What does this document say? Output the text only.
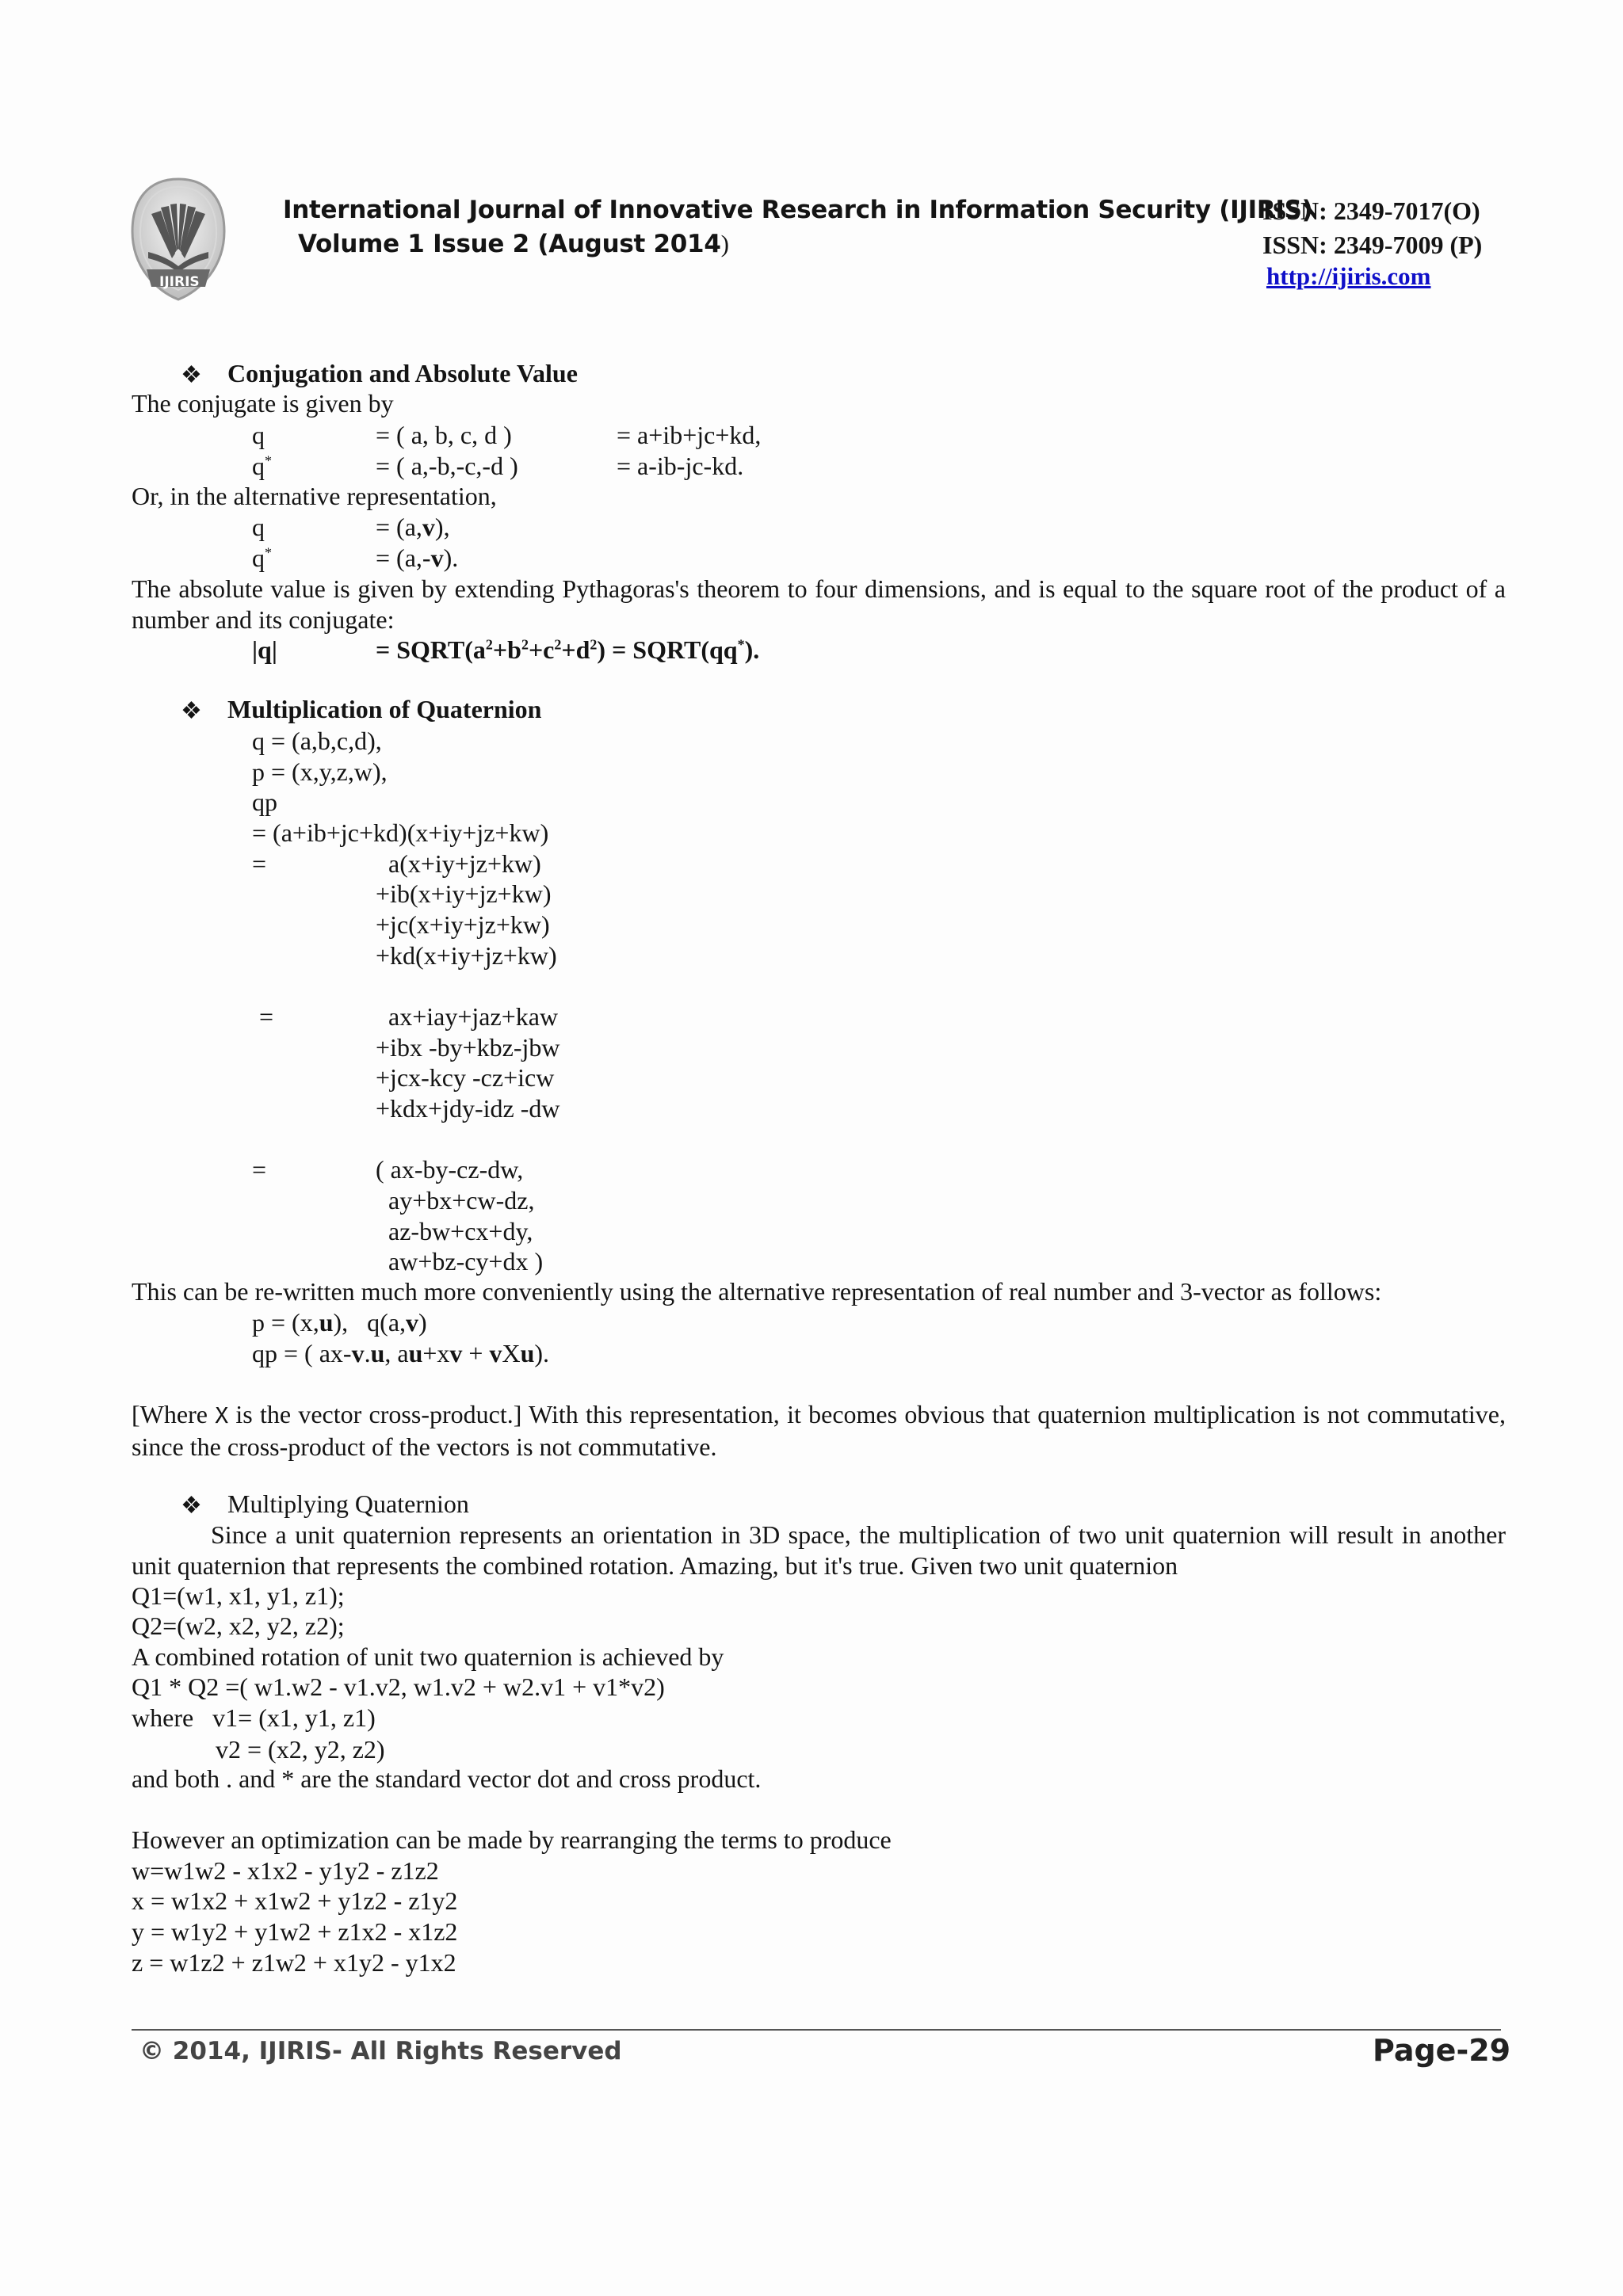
IJIRIS
International Journal of Innovative Research in Information Security (IJIRIS)
Volume 1 Issue 2 (August 2014)
ISSN: 2349-7017(O)
ISSN: 2349-7009 (P)
http://ijiris.com
❖ Conjugation and Absolute Value
The conjugate is given by
q	= ( a, b, c, d )	= a+ib+jc+kd,
q*	= ( a,-b,-c,-d )	= a-ib-jc-kd.
Or, in the alternative representation,
q	= (a,v),
q*	= (a,-v).
The absolute value is given by extending Pythagoras's theorem to four dimensions, and is equal to the square root of the product of a number and its conjugate:
|q|	= $SQRT(a^2+b^2+c^2+d^2)$ = SQRT(qq*).
❖ Multiplication of Quaternion
q = (a,b,c,d),
p = (x,y,z,w),
qp
= (a+ib+jc+kd)(x+iy+jz+kw)
=	a(x+iy+jz+kw)
+ib(x+iy+jz+kw)
+jc(x+iy+jz+kw)
+kd(x+iy+jz+kw)
=	ax+iay+jaz+kaw
+ibx -by+kbz-jbw
+jcx-kcy -cz+icw
+kdx+jdy-idz -dw
=	( ax-by-cz-dw,
ay+bx+cw-dz,
az-bw+cx+dy,
aw+bz-cy+dx )
This can be re-written much more conveniently using the alternative representation of real number and 3-vector as follows:
p = (x,u),   q(a,v)
qp = ( ax-v.u, au+xv + vXu).
[Where X is the vector cross-product.] With this representation, it becomes obvious that quaternion multiplication is not commutative, since the cross-product of the vectors is not commutative.
❖ Multiplying Quaternion
Since a unit quaternion represents an orientation in 3D space, the multiplication of two unit quaternion will result in another unit quaternion that represents the combined rotation. Amazing, but it's true. Given two unit quaternion
Q1=(w1, x1, y1, z1);
Q2=(w2, x2, y2, z2);
A combined rotation of unit two quaternion is achieved by
Q1 * Q2 =( w1.w2 - v1.v2, w1.v2 + w2.v1 + v1*v2)
where   v1= (x1, y1, z1)
v2 = (x2, y2, z2)
and both . and * are the standard vector dot and cross product.
However an optimization can be made by rearranging the terms to produce
w=w1w2 - x1x2 - y1y2 - z1z2
x = w1x2 + x1w2 + y1z2 - z1y2
y = w1y2 + y1w2 + z1x2 - x1z2
z = w1z2 + z1w2 + x1y2 - y1x2
© 2014, IJIRIS- All Rights Reserved	Page-29
